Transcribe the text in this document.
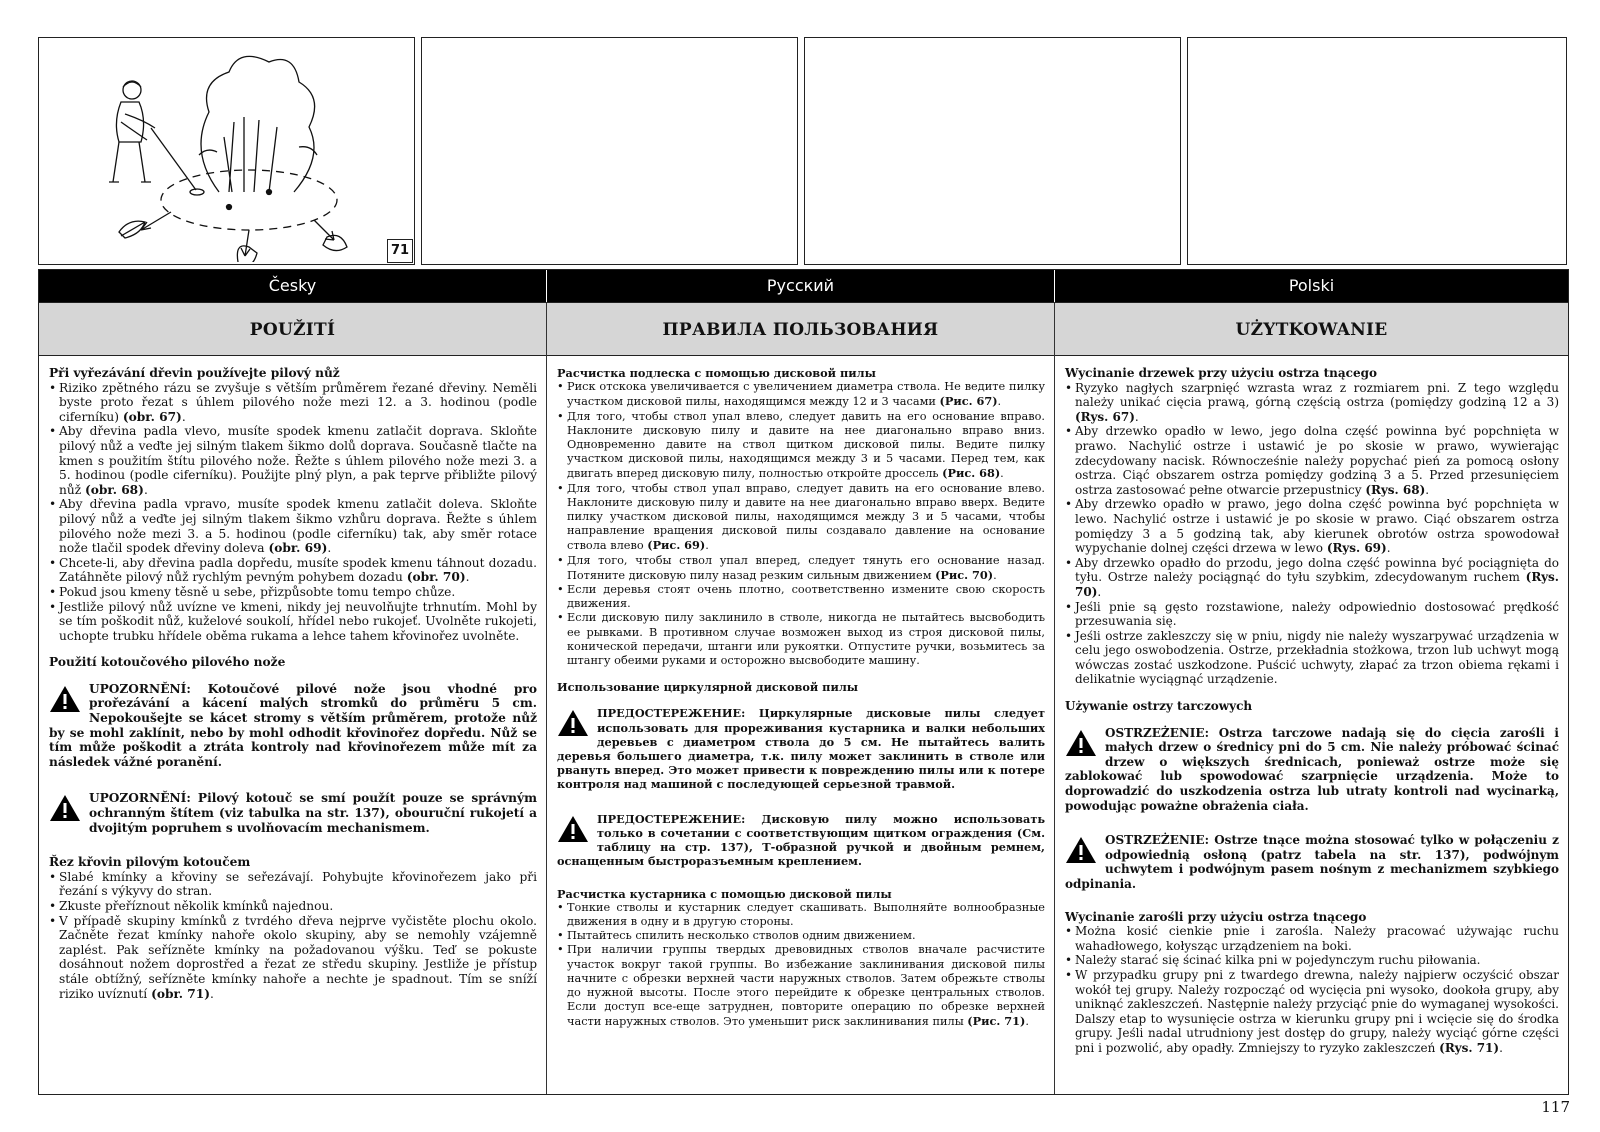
71
Česky
POUŽITÍ

Při vyřezávání dřevin používejte pilový nůž

• Riziko zpětného rázu se zvyšuje s větším průměrem řezané dřeviny. Neměli byste proto řezat s úhlem pilového nože mezi 12. a 3. hodinou (podle ciferníku) (obr. 67).
• Aby dřevina padla vlevo, musíte spodek kmenu zatlačit doprava. Skloňte pilový nůž a veďte jej silným tlakem šikmo dolů doprava. Současně tlačte na kmen s použitím štítu pilového nože. Řežte s úhlem pilového nože mezi 3. a 5. hodinou (podle ciferníku). Použijte plný plyn, a pak teprve přibližte pilový nůž (obr. 68).
• Aby dřevina padla vpravo, musíte spodek kmenu zatlačit doleva. Skloňte pilový nůž a veďte jej silným tlakem šikmo vzhůru doprava. Řežte s úhlem pilového nože mezi 3. a 5. hodinou (podle ciferníku) tak, aby směr rotace nože tlačil spodek dřeviny doleva (obr. 69).
• Chcete-li, aby dřevina padla dopředu, musíte spodek kmenu táhnout dozadu. Zatáhněte pilový nůž rychlým pevným pohybem dozadu (obr. 70).
• Pokud jsou kmeny těsně u sebe, přizpůsobte tomu tempo chůze.
• Jestliže pilový nůž uvízne ve kmeni, nikdy jej neuvolňujte trhnutím. Mohl by se tím poškodit nůž, kuželové soukolí, hřídel nebo rukojeť. Uvolněte rukojeti, uchopte trubku hřídele oběma rukama a lehce tahem křovinořez uvolněte.

Použití kotoučového pilového nože

UPOZORNĚNÍ: Kotoučové pilové nože jsou vhodné pro prořezávání a kácení malých stromků do průměru 5 cm. Nepokoušejte se kácet stromy s větším průměrem, protože nůž by se mohl zaklínit, nebo by mohl odhodit křovinořez dopředu. Nůž se tím může poškodit a ztráta kontroly nad křovinořezem může mít za následek vážné poranění.
UPOZORNĚNÍ: Pilový kotouč se smí použít pouze se správným ochranným štítem (viz tabulka na str. 137), obouruční rukojetí a dvojitým popruhem s uvolňovacím mechanismem.

Řez křovin pilovým kotoučem

• Slabé kmínky a křoviny se seřezávají. Pohybujte křovinořezem jako při řezání s výkyvy do stran.
• Zkuste přeříznout několik kmínků najednou.
• V případě skupiny kmínků z tvrdého dřeva nejprve vyčistěte plochu okolo. Začněte řezat kmínky nahoře okolo skupiny, aby se nemohly vzájemně zaplést. Pak seřízněte kmínky na požadovanou výšku. Teď se pokuste dosáhnout nožem doprostřed a řezat ze středu skupiny. Jestliže je přístup stále obtížný, seřízněte kmínky nahoře a nechte je spadnout. Tím se sníží riziko uvíznutí (obr. 71).
Русский
ПРАВИЛА ПОЛЬЗОВАНИЯ

Расчистка подлеска с помощью дисковой пилы

• Риск отскока увеличивается с увеличением диаметра ствола. Не ведите пилку участком дисковой пилы, находящимся между 12 и 3 часами (Рис. 67).
• Для того, чтобы ствол упал влево, следует давить на его основание вправо. Наклоните дисковую пилу и давите на нее диагонально вправо вниз. Одновременно давите на ствол щитком дисковой пилы. Ведите пилку участком дисковой пилы, находящимся между 3 и 5 часами. Перед тем, как двигать вперед дисковую пилу, полностью откройте дроссель (Рис. 68).
• Для того, чтобы ствол упал вправо, следует давить на его основание влево. Наклоните дисковую пилу и давите на нее диагонально вправо вверх. Ведите пилку участком дисковой пилы, находящимся между 3 и 5 часами, чтобы направление вращения дисковой пилы создавало давление на основание ствола влево (Рис. 69).
• Для того, чтобы ствол упал вперед, следует тянуть его основание назад. Потяните дисковую пилу назад резким сильным движением (Рис. 70).
• Если деревья стоят очень плотно, соответственно измените свою скорость движения.
• Если дисковую пилу заклинило в стволе, никогда не пытайтесь высвободить ее рывками. В противном случае возможен выход из строя дисковой пилы, конической передачи, штанги или рукоятки. Отпустите ручки, возьмитесь за штангу обеими руками и осторожно высвободите машину.

Использование циркулярной дисковой пилы

ПРЕДОСТЕРЕЖЕНИЕ: Циркулярные дисковые пилы следует использовать для прореживания кустарника и валки небольших деревьев с диаметром ствола до 5 см. Не пытайтесь валить деревья большего диаметра, т.к. пилу может заклинить в стволе или рвануть вперед. Это может привести к повреждению пилы или к потере контроля над машиной с последующей серьезной травмой.
ПРЕДОСТЕРЕЖЕНИЕ: Дисковую пилу можно использовать только в сочетании с соответствующим щитком ограждения (См. таблицу на стр. 137), Т-образной ручкой и двойным ремнем, оснащенным быстроразъемным креплением.

Расчистка кустарника с помощью дисковой пилы

• Тонкие стволы и кустарник следует скашивать. Выполняйте волнообразные движения в одну и в другую стороны.
• Пытайтесь спилить несколько стволов одним движением.
• При наличии группы твердых древовидных стволов вначале расчистите участок вокруг такой группы. Во избежание заклинивания дисковой пилы начните с обрезки верхней части наружных стволов. Затем обрежьте стволы до нужной высоты. После этого перейдите к обрезке центральных стволов. Если доступ все-еще затруднен, повторите операцию по обрезке верхней части наружных стволов. Это уменьшит риск заклинивания пилы (Рис. 71).
Polski
UŻYTKOWANIE

Wycinanie drzewek przy użyciu ostrza tnącego

• Ryzyko nagłych szarpnięć wzrasta wraz z rozmiarem pni. Z tego względu należy unikać cięcia prawą, górną częścią ostrza (pomiędzy godziną 12 a 3) (Rys. 67).
• Aby drzewko opadło w lewo, jego dolna część powinna być popchnięta w prawo. Nachylić ostrze i ustawić je po skosie w prawo, wywierając zdecydowany nacisk. Równocześnie należy popychać pień za pomocą osłony ostrza. Ciąć obszarem ostrza pomiędzy godziną 3 a 5. Przed przesunięciem ostrza zastosować pełne otwarcie przepustnicy (Rys. 68).
• Aby drzewko opadło w prawo, jego dolna część powinna być popchnięta w lewo. Nachylić ostrze i ustawić je po skosie w prawo. Ciąć obszarem ostrza pomiędzy 3 a 5 godziną tak, aby kierunek obrotów ostrza spowodował wypychanie dolnej części drzewa w lewo (Rys. 69).
• Aby drzewko opadło do przodu, jego dolna część powinna być pociągnięta do tyłu. Ostrze należy pociągnąć do tyłu szybkim, zdecydowanym ruchem (Rys. 70).
• Jeśli pnie są gęsto rozstawione, należy odpowiednio dostosować prędkość przesuwania się.
• Jeśli ostrze zakleszczy się w pniu, nigdy nie należy wyszarpywać urządzenia w celu jego oswobodzenia. Ostrze, przekładnia stożkowa, trzon lub uchwyt mogą wówczas zostać uszkodzone. Puścić uchwyty, złapać za trzon obiema rękami i delikatnie wyciągnąć urządzenie.

Używanie ostrzy tarczowych

OSTRZEŻENIE: Ostrza tarczowe nadają się do cięcia zarośli i małych drzew o średnicy pni do 5 cm. Nie należy próbować ścinać drzew o większych średnicach, ponieważ ostrze może się zablokować lub spowodować szarpnięcie urządzenia. Może to doprowadzić do uszkodzenia ostrza lub utraty kontroli nad wycinarką, powodując poważne obrażenia ciała.
OSTRZEŻENIE: Ostrze tnące można stosować tylko w połączeniu z odpowiednią osłoną (patrz tabela na str. 137), podwójnym uchwytem i podwójnym pasem nośnym z mechanizmem szybkiego odpinania.

Wycinanie zarośli przy użyciu ostrza tnącego

• Można kosić cienkie pnie i zarośla. Należy pracować używając ruchu wahadłowego, kołysząc urządzeniem na boki.
• Należy starać się ścinać kilka pni w pojedynczym ruchu piłowania.
• W przypadku grupy pni z twardego drewna, należy najpierw oczyścić obszar wokół tej grupy. Należy rozpocząć od wycięcia pni wysoko, dookoła grupy, aby uniknąć zakleszczeń. Następnie należy przyciąć pnie do wymaganej wysokości. Dalszy etap to wysunięcie ostrza w kierunku grupy pni i wcięcie się do środka grupy. Jeśli nadal utrudniony jest dostęp do grupy, należy wyciąć górne części pni i pozwolić, aby opadły. Zmniejszy to ryzyko zakleszczeń (Rys. 71).
117
